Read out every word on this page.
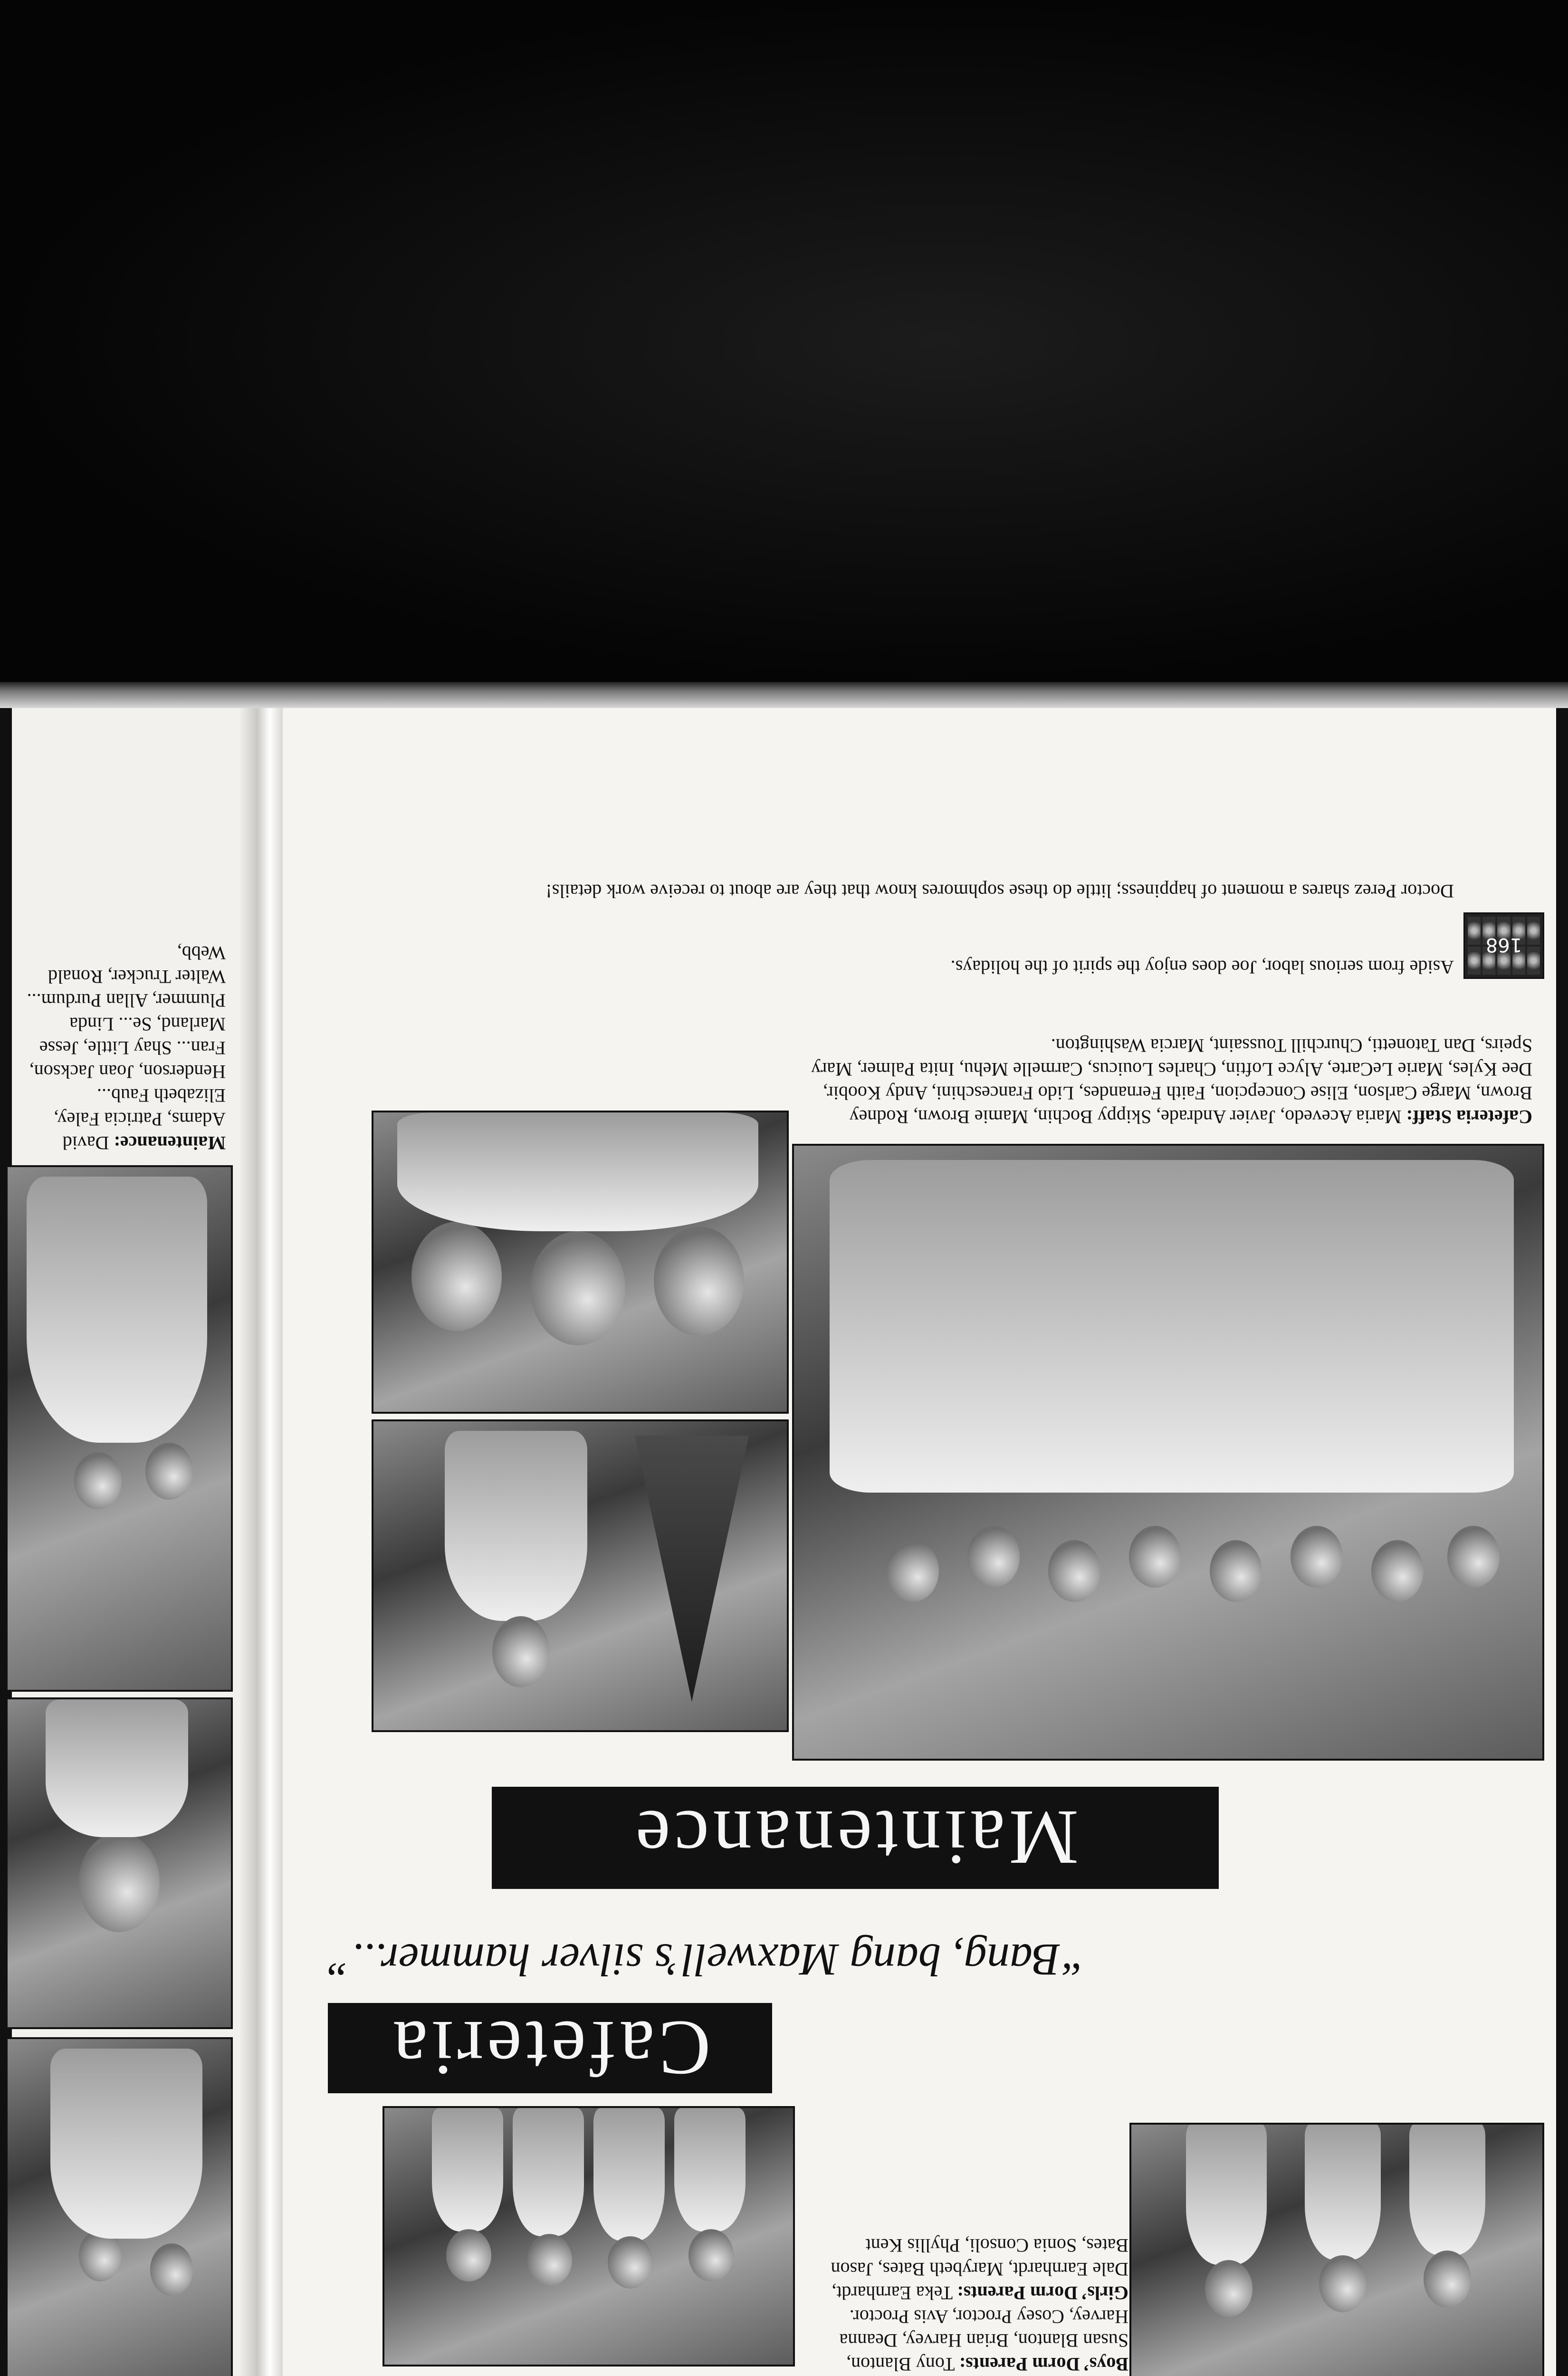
Boys’ Dorm Parents: Tony Blanton, Susan Blanton, Brian Harvey, Deanna Harvey, Cosey Proctor, Avis Proctor.
Girls’ Dorm Parents: Teka Earnhardt, Dale Earnhardt, Marybeth Bates, Jason Bates, Sonia Consoli, Phyllis Kent
Cafeteria
“Bang, bang Maxwell’s silver hammer...”
Maintenance
Cafeteria Staff: Maria Acevedo, Javier Andrade, Skippy Bochin, Mamie Brown, Rodney Brown, Marge Carlson, Elise Concepcion, Faith Fernandes, Lido Franceschini, Andy Koobir, Dee Kyles, Marie LeCarte, Alyce Loftin, Charles Louicus, Carmelle Mehu, Inita Palmer, Mary Speirs, Dan Tatonetti, Churchill Toussaint, Marcia Washington.
168
Aside from serious labor, Joe does enjoy the spirit of the holidays.
Doctor Perez shares a moment of happiness; little do these sophmores know that they are about to receive work details!
Maintenance: David Adams, Patricia Faley, Elizabeth Faub... Henderson, Joan Jackson, Fran... Shay Little, Jesse Marland, Se... Linda Plummer, Allan Purdum... Walter Trucker, Ronald Webb,
